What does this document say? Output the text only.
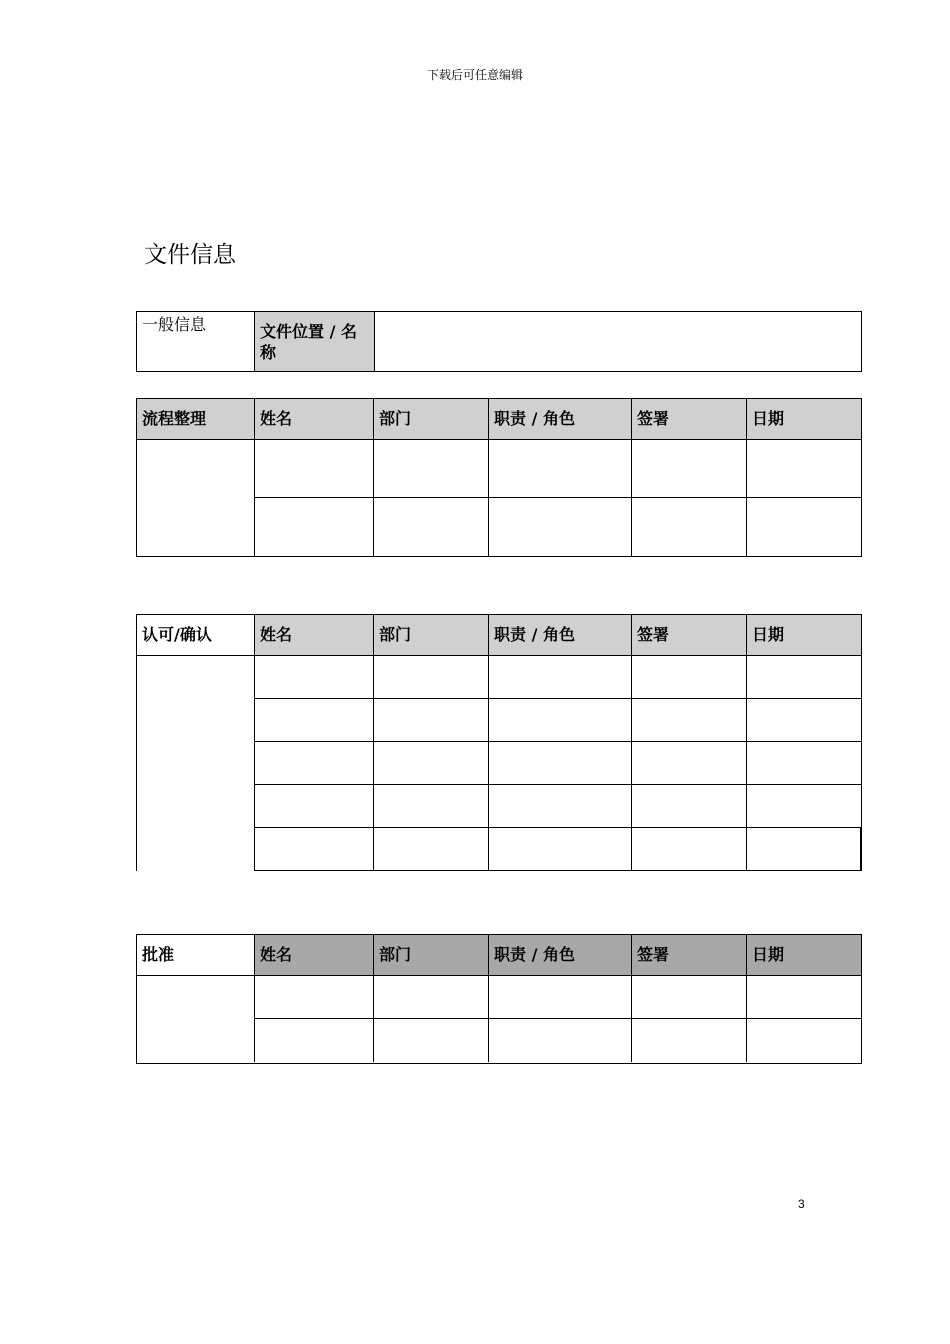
下载后可任意编辑
文件信息
一般信息	文件位置 / 名
称
流程整理	姓名	部门	职责 / 角色	签署	日期
认可/确认	姓名	部门	职责 / 角色	签署	日期
批准	姓名	部门	职责 / 角色	签署	日期
3
